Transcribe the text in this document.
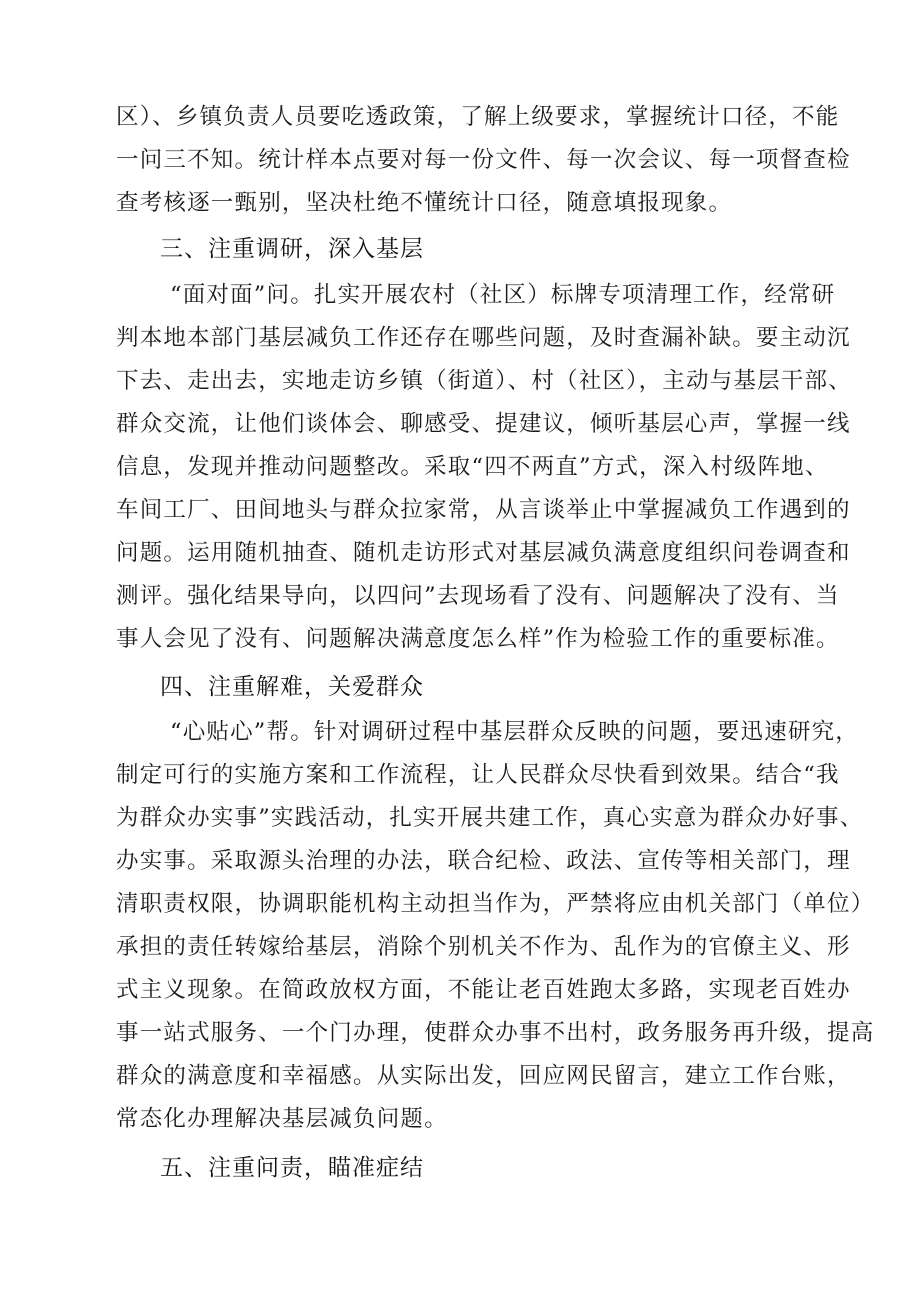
区）、乡镇负责人员要吃透政策，了解上级要求，掌握统计口径，不能
一问三不知。统计样本点要对每一份文件、每一次会议、每一项督查检
查考核逐一甄别，坚决杜绝不懂统计口径，随意填报现象。
三、注重调研，深入基层
“面对面”问。扎实开展农村（社区）标牌专项清理工作，经常研
判本地本部门基层减负工作还存在哪些问题，及时查漏补缺。要主动沉
下去、走出去，实地走访乡镇（街道）、村（社区），主动与基层干部、
群众交流，让他们谈体会、聊感受、提建议，倾听基层心声，掌握一线
信息，发现并推动问题整改。采取“四不两直”方式，深入村级阵地、
车间工厂、田间地头与群众拉家常，从言谈举止中掌握减负工作遇到的
问题。运用随机抽查、随机走访形式对基层减负满意度组织问卷调查和
测评。强化结果导向，以四问”去现场看了没有、问题解决了没有、当
事人会见了没有、问题解决满意度怎么样”作为检验工作的重要标准。
四、注重解难，关爱群众
“心贴心”帮。针对调研过程中基层群众反映的问题，要迅速研究，
制定可行的实施方案和工作流程，让人民群众尽快看到效果。结合“我
为群众办实事”实践活动，扎实开展共建工作，真心实意为群众办好事、
办实事。采取源头治理的办法，联合纪检、政法、宣传等相关部门，理
清职责权限，协调职能机构主动担当作为，严禁将应由机关部门（单位）
承担的责任转嫁给基层，消除个别机关不作为、乱作为的官僚主义、形
式主义现象。在简政放权方面，不能让老百姓跑太多路，实现老百姓办
事一站式服务、一个门办理，使群众办事不出村，政务服务再升级，提高
群众的满意度和幸福感。从实际出发，回应网民留言，建立工作台账，
常态化办理解决基层减负问题。
五、注重问责，瞄准症结
